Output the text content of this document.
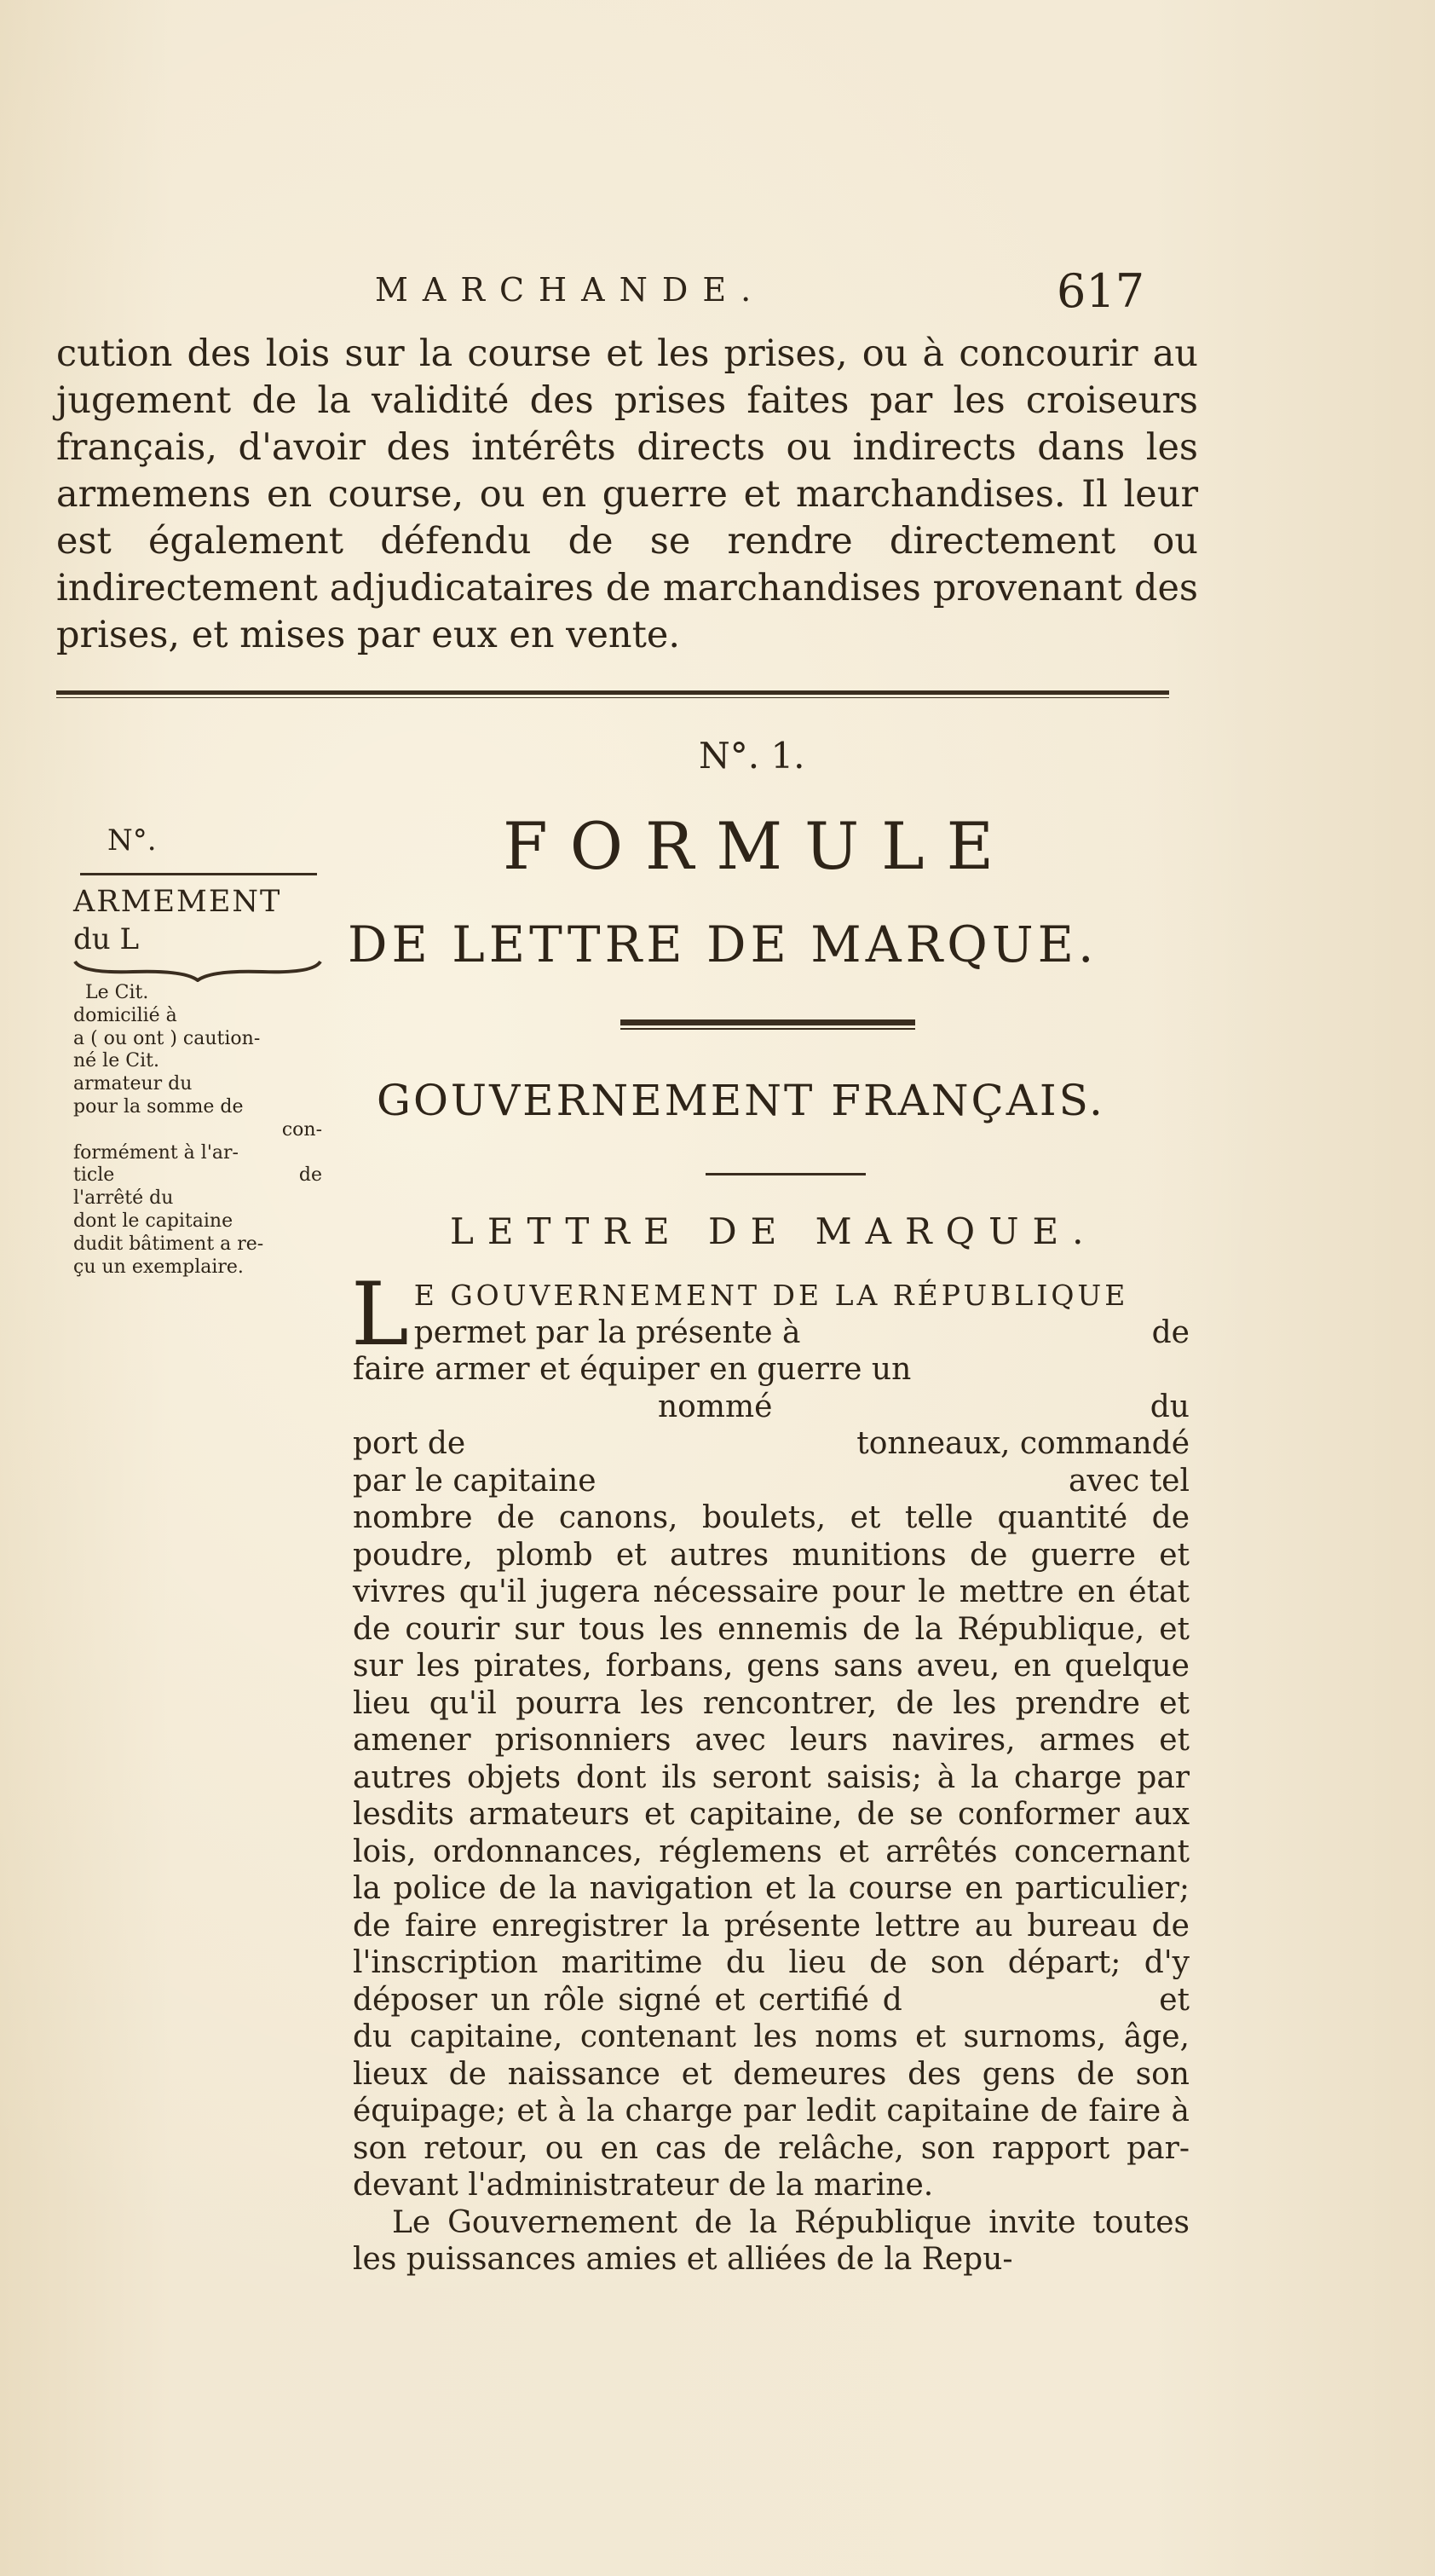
MARCHANDE.	617
cution des lois sur la course et les prises, ou à concourir au jugement de la validité des prises faites par les croiseurs français, d'avoir des intérêts directs ou indirects dans les armemens en course, ou en guerre et marchandises. Il leur est également défendu de se rendre directement ou indirectement adjudicataires de marchandises provenant des prises, et mises par eux en vente.
N°. 1.
FORMULE
DE LETTRE DE MARQUE.
GOUVERNEMENT FRANÇAIS.
LETTRE DE MARQUE.
L E GOUVERNEMENT DE LA RÉPUBLIQUE
permet par la présente à	de
faire armer et équiper en guerre un
nommé	du
port de	tonneaux, commandé
par le capitaine	avec tel

nombre de canons, boulets, et telle quantité de poudre, plomb et autres munitions de guerre et vivres qu'il jugera nécessaire pour le mettre en état de courir sur tous les ennemis de la République, et sur les pirates, forbans, gens sans aveu, en quelque lieu qu'il pourra les rencontrer, de les prendre et amener prisonniers avec leurs navires, armes et autres objets dont ils seront saisis; à la charge par lesdits armateurs et capitaine, de se conformer aux lois, ordonnances, réglemens et arrêtés concernant la police de la navigation et la course en particulier; de faire enregistrer la présente lettre au bureau de l'inscription maritime du lieu de son départ; d'y déposer un rôle signé et certifié d	et du capitaine, contenant les noms et surnoms, âge, lieux de naissance et demeures des gens de son équipage; et à la charge par ledit capitaine de faire à son retour, ou en cas de relâche, son rapport par-devant l'administrateur de la marine.

Le Gouvernement de la République invite toutes les puissances amies et alliées de la Repu-

N°.
ARMEMENT
du L
Le Cit.
domicilié à
a ( ou ont ) caution-
né le Cit.
armateur du
pour la somme de
con-
formément à l'ar-
ticle	de
l'arrêté du
dont le capitaine
dudit bâtiment a re-
çu un exemplaire.
